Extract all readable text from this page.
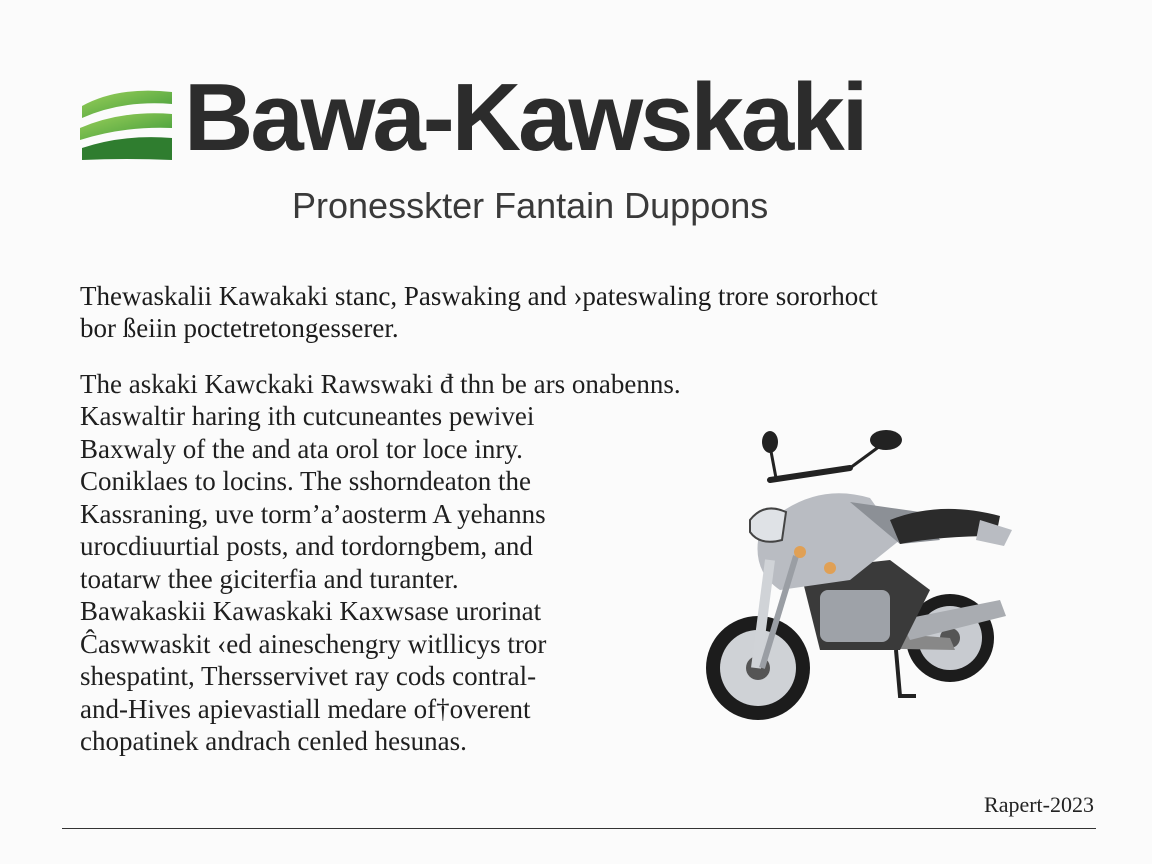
Bawa-Kawskaki
Pronesskter Fantain Duppons

Thewaskalii Kawakaki stanc, Paswaking and ›pateswaling trore sororhoct
bor ßeiin poctetretongesserer.

The askaki Kawckaki Rawswaki đ thn be ars onabenns.

Kaswaltir haring ith cutcuneantes pewivei
Baxwaly of the and ata orol tor loce inry.
Coniklaes to locins. The sshorndeaton the
Kassraning, uve torm’a’aosterm A yehanns
urocdiuurtial posts, and tordorngbem, and
toatarw thee giciterfia and turanter.
Bawakaskii Kawaskaki Kaxwsase urorinat
Ĉaswwaskit ‹ed aineschengry witllicys tror
shespatint, Thersservivet ray cods contral-
and-Hives apievastiall medare of†overent
chopatinek andrach cenled hesunas.

Rapert-2023
